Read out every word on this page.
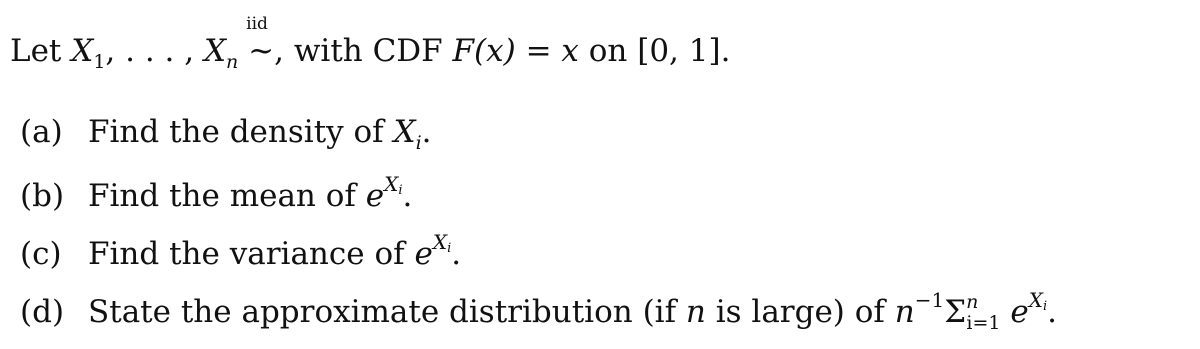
Let $X_1$, . . . , $X_n$
iid
~, with CDF F(x) = x on [0, 1].
(a) Find the density of $X_i$.
(b) Find the mean of $e^{Xi}$.
(c) Find the variance of $e^{Xi}$.
(d) State the approximate distribution (if n is large) of $n^{-1}\Sigma^n_{i=1}$ $e^{Xi}$.
